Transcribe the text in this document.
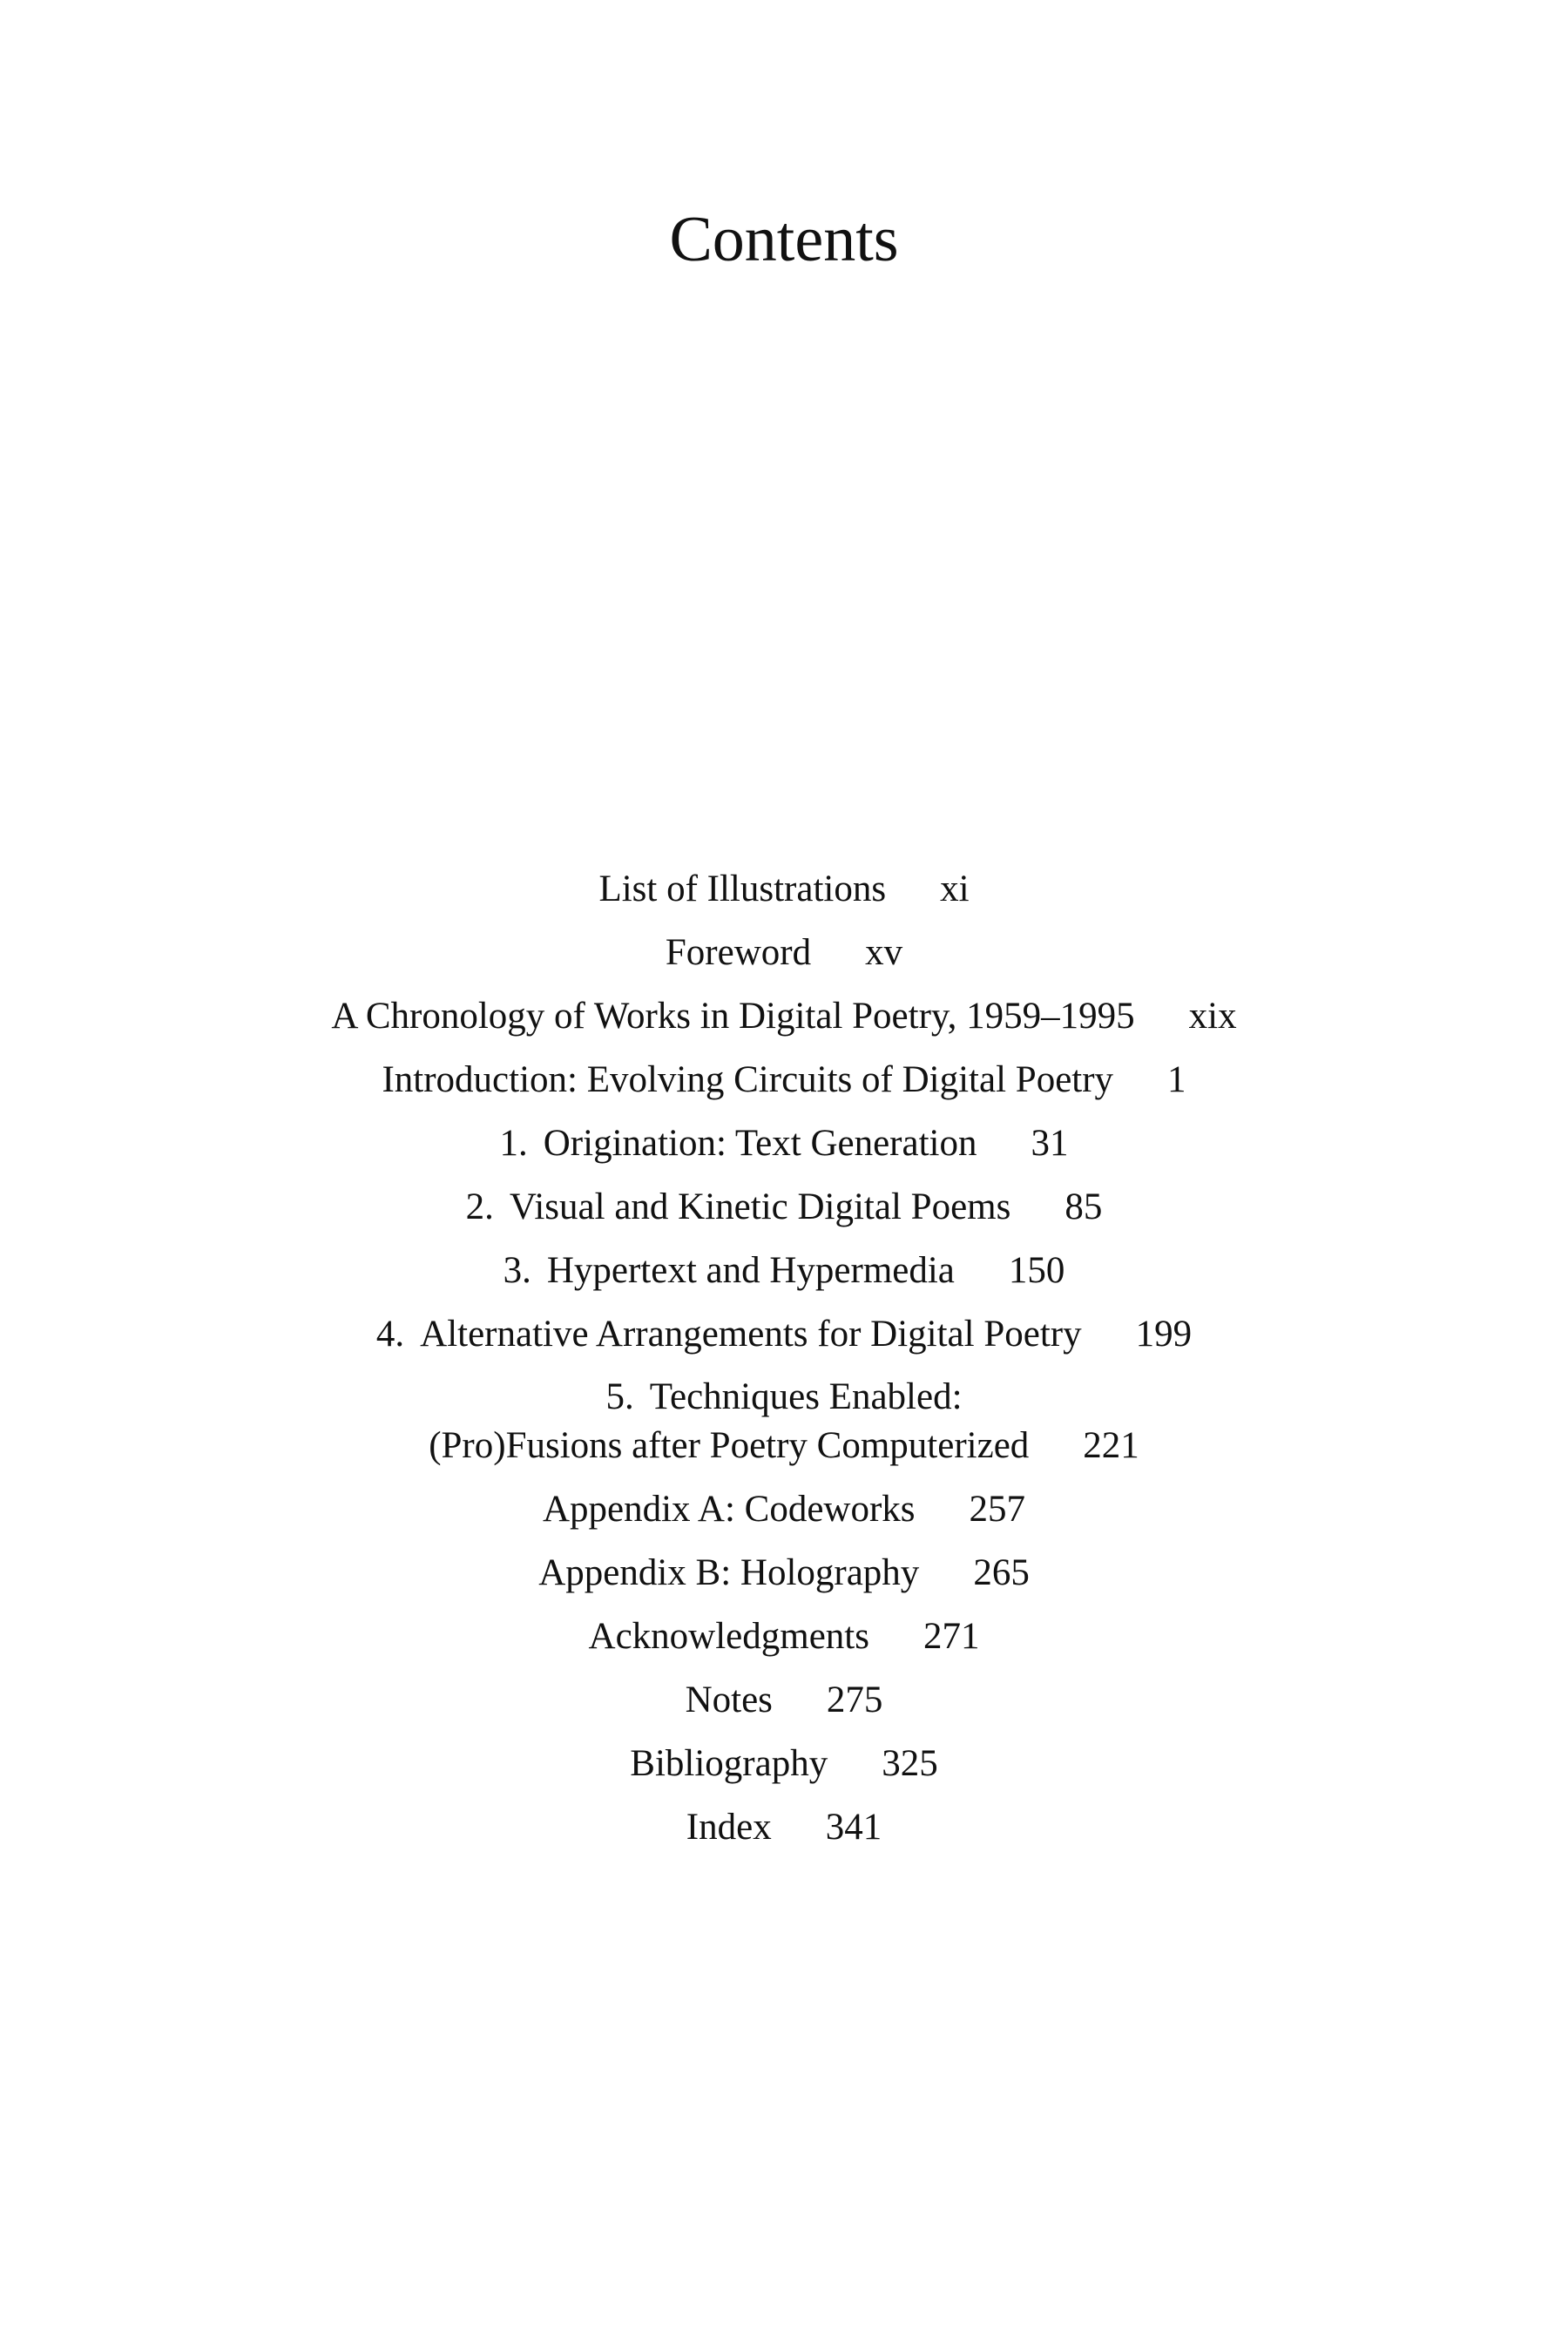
Contents
List of Illustrations xi
Foreword xv
A Chronology of Works in Digital Poetry, 1959–1995 xix
Introduction: Evolving Circuits of Digital Poetry 1
1. Origination: Text Generation 31
2. Visual and Kinetic Digital Poems 85
3. Hypertext and Hypermedia 150
4. Alternative Arrangements for Digital Poetry 199
5. Techniques Enabled:
(Pro)Fusions after Poetry Computerized 221
Appendix A: Codeworks 257
Appendix B: Holography 265
Acknowledgments 271
Notes 275
Bibliography 325
Index 341
